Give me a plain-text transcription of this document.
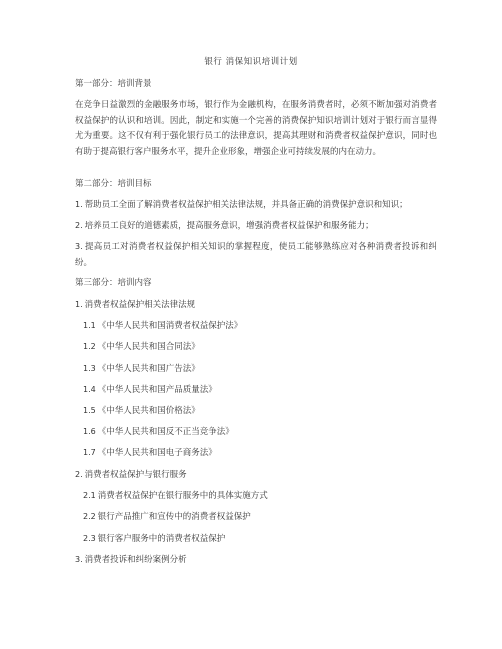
银行 消保知识培训计划
第一部分：培训背景
在竞争日益激烈的金融服务市场，银行作为金融机构，在服务消费者时，必须不断加强对消费者权益保护的认识和培训。因此，制定和实施一个完善的消费保护知识培训计划对于银行而言显得尤为重要。这不仅有利于强化银行员工的法律意识，提高其理财和消费者权益保护意识，同时也有助于提高银行客户服务水平，提升企业形象，增强企业可持续发展的内在动力。
第二部分：培训目标
1. 帮助员工全面了解消费者权益保护相关法律法规，并具备正确的消费保护意识和知识；
2. 培养员工良好的道德素质，提高服务意识，增强消费者权益保护和服务能力；
3. 提高员工对消费者权益保护相关知识的掌握程度，使员工能够熟练应对各种消费者投诉和纠纷。
第三部分：培训内容
1. 消费者权益保护相关法律法规
1.1 《中华人民共和国消费者权益保护法》
1.2 《中华人民共和国合同法》
1.3 《中华人民共和国广告法》
1.4 《中华人民共和国产品质量法》
1.5 《中华人民共和国价格法》
1.6 《中华人民共和国反不正当竞争法》
1.7 《中华人民共和国电子商务法》
2. 消费者权益保护与银行服务
2.1 消费者权益保护在银行服务中的具体实施方式
2.2 银行产品推广和宣传中的消费者权益保护
2.3 银行客户服务中的消费者权益保护
3. 消费者投诉和纠纷案例分析
